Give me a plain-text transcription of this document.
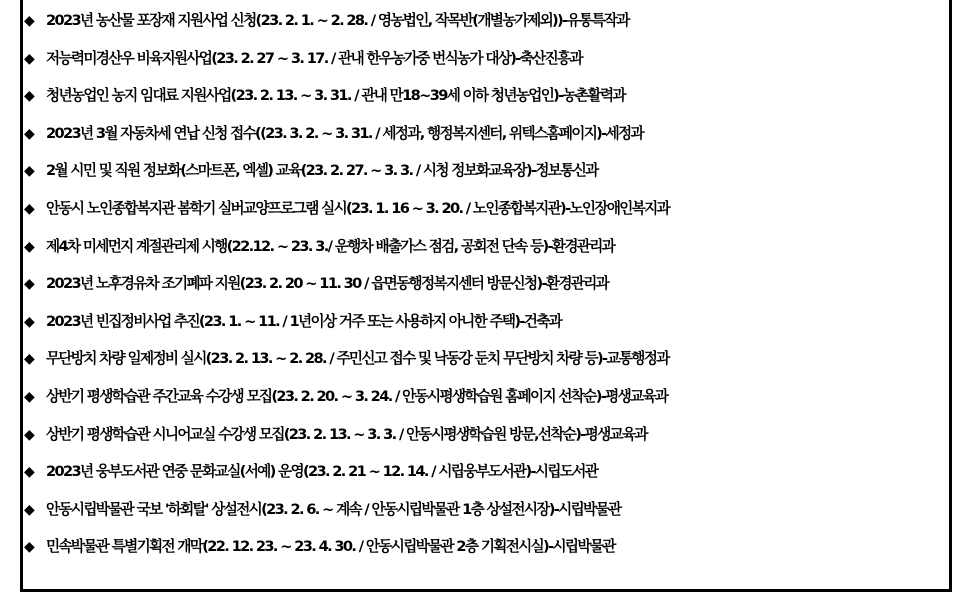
◆ 2023년 농산물 포장재 지원사업 신청(23. 2. 1. ~ 2. 28. / 영농법인, 작목반(개별농가제외))-유통특작과
◆ 저능력미경산우 비육지원사업(23. 2. 27 ~ 3. 17. / 관내 한우농가중 번식농가 대상)-축산진흥과
◆ 청년농업인 농지 임대료 지원사업(23. 2. 13. ~ 3. 31. / 관내 만18~39세 이하 청년농업인)-농촌활력과
◆ 2023년 3월 자동차세 연납 신청 접수((23. 3. 2. ~ 3. 31. / 세정과, 행정복지센터, 위텍스홈페이지)-세정과
◆ 2월 시민 및 직원 정보화(스마트폰, 엑셀) 교육(23. 2. 27. ~ 3. 3. / 시청 정보화교육장)-정보통신과
◆ 안동시 노인종합복지관 봄학기 실버교양프로그램 실시(23. 1. 16 ~ 3. 20. / 노인종합복지관)-노인장애인복지과
◆ 제4차 미세먼지 계절관리제 시행(22.12. ~ 23. 3./ 운행차 배출가스 점검, 공회전 단속 등)-환경관리과
◆ 2023년 노후경유차 조기폐파 지원(23. 2. 20 ~ 11. 30 / 읍면동행정복지센터 방문신청)-환경관리과
◆ 2023년 빈집정비사업 추진(23. 1. ~ 11. / 1년이상 거주 또는 사용하지 아니한 주택)-건축과
◆ 무단방치 차량 일제정비 실시(23. 2. 13. ~ 2. 28. / 주민신고 접수 및 낙동강 둔치 무단방치 차량 등)-교통행정과
◆ 상반기 평생학습관 주간교육 수강생 모집(23. 2. 20. ~ 3. 24. / 안동시평생학습원 홈페이지 선착순)-평생교육과
◆ 상반기 평생학습관 시니어교실 수강생 모집(23. 2. 13. ~ 3. 3. / 안동시평생학습원 방문,선착순)-평생교육과
◆ 2023년 웅부도서관 연중 문화교실(서예) 운영(23. 2. 21 ~ 12. 14. / 시립웅부도서관)-시립도서관
◆ 안동시립박물관 국보 '하회탈' 상설전시(23. 2. 6. ~ 계속 / 안동시립박물관 1층 상설전시장)-시립박물관
◆ 민속박물관 특별기획전 개막(22. 12. 23. ~ 23. 4. 30. / 안동시립박물관 2층 기획전시실)-시립박물관
